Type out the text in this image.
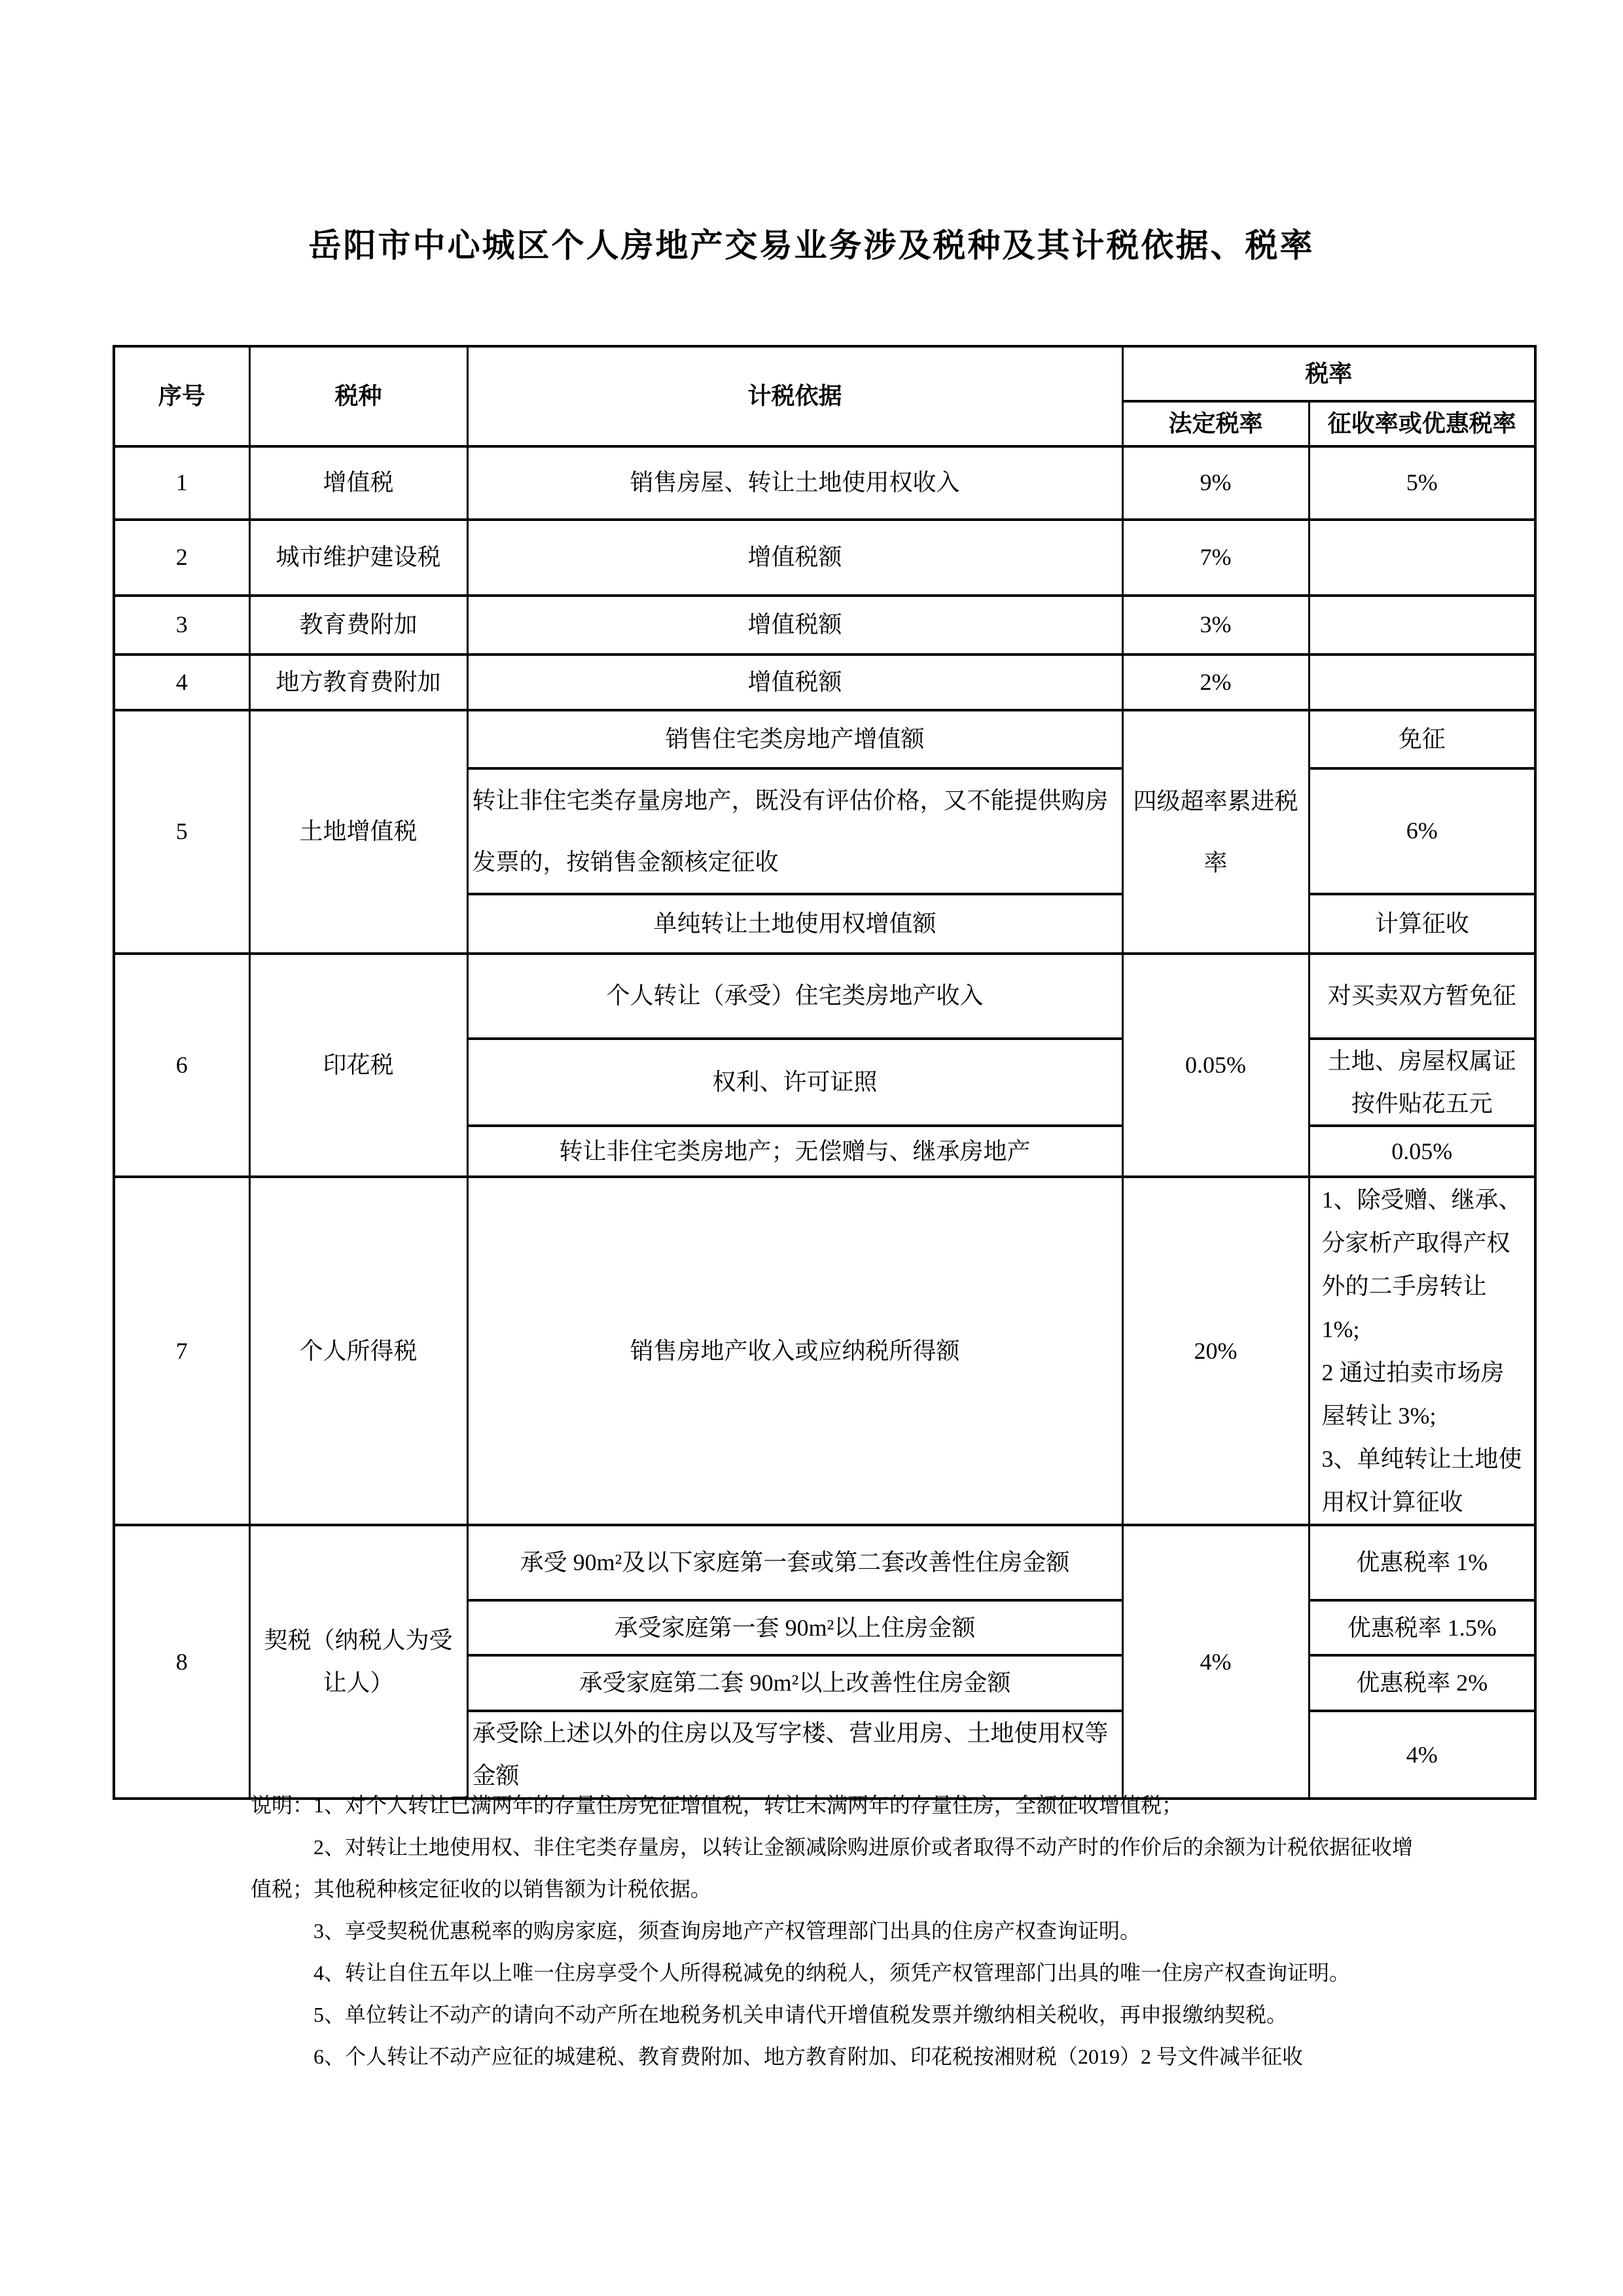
岳阳市中心城区个人房地产交易业务涉及税种及其计税依据、税率
序号	税种	计税依据	税率	
			法定税率	征收率或优惠税率
1	增值税	销售房屋、转让土地使用权收入	9%	5%
2	城市维护建设税	增值税额	7%	
3	教育费附加	增值税额	3%	
4	地方教育费附加	增值税额	2%	
5	土地增值税	销售住宅类房地产增值额	四级超率累进税率	免征
		转让非住宅类存量房地产，既没有评估价格，又不能提供购房发票的，按销售金额核定征收		6%
		单纯转让土地使用权增值额		计算征收
6	印花税	个人转让（承受）住宅类房地产收入	0.05%	对买卖双方暂免征
		权利、许可证照		土地、房屋权属证按件贴花五元
		转让非住宅类房地产；无偿赠与、继承房地产		0.05%
7	个人所得税	销售房地产收入或应纳税所得额	20%	1、除受赠、继承、分家析产取得产权外的二手房转让 1%;
2 通过拍卖市场房屋转让 3%;
3、单纯转让土地使用权计算征收

8	契税（纳税人为受让人）	承受 90m²及以下家庭第一套或第二套改善性住房金额	4%	优惠税率 1%
		承受家庭第一套 90m²以上住房金额		优惠税率 1.5%
		承受家庭第二套 90m²以上改善性住房金额		优惠税率 2%
		承受除上述以外的住房以及写字楼、营业用房、土地使用权等金额		4%

说明：1、对个人转让已满两年的存量住房免征增值税，转让未满两年的存量住房，全额征收增值税；

2、对转让土地使用权、非住宅类存量房，以转让金额减除购进原价或者取得不动产时的作价后的余额为计税依据征收增值税；其他税种核定征收的以销售额为计税依据。

3、享受契税优惠税率的购房家庭，须查询房地产产权管理部门出具的住房产权查询证明。

4、转让自住五年以上唯一住房享受个人所得税减免的纳税人，须凭产权管理部门出具的唯一住房产权查询证明。

5、单位转让不动产的请向不动产所在地税务机关申请代开增值税发票并缴纳相关税收，再申报缴纳契税。

6、个人转让不动产应征的城建税、教育费附加、地方教育附加、印花税按湘财税（2019）2 号文件减半征收
